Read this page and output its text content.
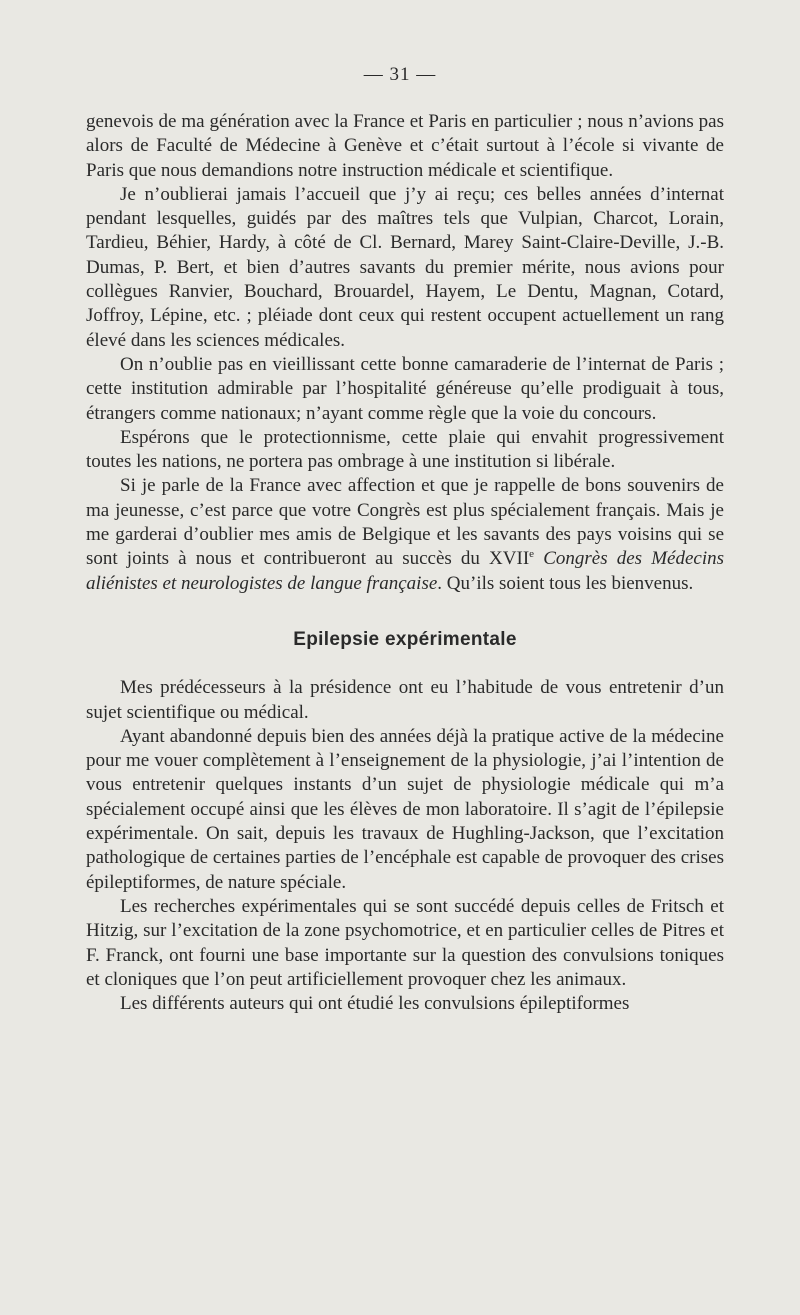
— 31 —

genevois de ma génération avec la France et Paris en particulier ; nous n’avions pas alors de Faculté de Médecine à Genève et c’était surtout à l’école si vivante de Paris que nous demandions notre instruction médicale et scientifique.

Je n’oublierai jamais l’accueil que j’y ai reçu; ces belles années d’internat pendant lesquelles, guidés par des maîtres tels que Vulpian, Charcot, Lorain, Tardieu, Béhier, Hardy, à côté de Cl. Bernard, Marey Saint-Claire-Deville, J.-B. Dumas, P. Bert, et bien d’autres savants du premier mérite, nous avions pour collègues Ranvier, Bouchard, Brouardel, Hayem, Le Dentu, Magnan, Cotard, Joffroy, Lépine, etc. ; pléiade dont ceux qui restent occupent actuellement un rang élevé dans les sciences médicales.

On n’oublie pas en vieillissant cette bonne camaraderie de l’internat de Paris ; cette institution admirable par l’hospitalité généreuse qu’elle prodiguait à tous, étrangers comme nationaux; n’ayant comme règle que la voie du concours.

Espérons que le protectionnisme, cette plaie qui envahit progressivement toutes les nations, ne portera pas ombrage à une institution si libérale.

Si je parle de la France avec affection et que je rappelle de bons souvenirs de ma jeunesse, c’est parce que votre Congrès est plus spécialement français. Mais je me garderai d’oublier mes amis de Belgique et les savants des pays voisins qui se sont joints à nous et contribueront au succès du XVIIe Congrès des Médecins aliénistes et neurologistes de langue française. Qu’ils soient tous les bienvenus.

Epilepsie expérimentale

Mes prédécesseurs à la présidence ont eu l’habitude de vous entretenir d’un sujet scientifique ou médical.

Ayant abandonné depuis bien des années déjà la pratique active de la médecine pour me vouer complètement à l’enseignement de la physiologie, j’ai l’intention de vous entretenir quelques instants d’un sujet de physiologie médicale qui m’a spécialement occupé ainsi que les élèves de mon laboratoire. Il s’agit de l’épilepsie expérimentale. On sait, depuis les travaux de Hughling-Jackson, que l’excitation pathologique de certaines parties de l’encéphale est capable de provoquer des crises épileptiformes, de nature spéciale.

Les recherches expérimentales qui se sont succédé depuis celles de Fritsch et Hitzig, sur l’excitation de la zone psychomotrice, et en particulier celles de Pitres et F. Franck, ont fourni une base importante sur la question des convulsions toniques et cloniques que l’on peut artificiellement provoquer chez les animaux.

Les différents auteurs qui ont étudié les convulsions épileptiformes
